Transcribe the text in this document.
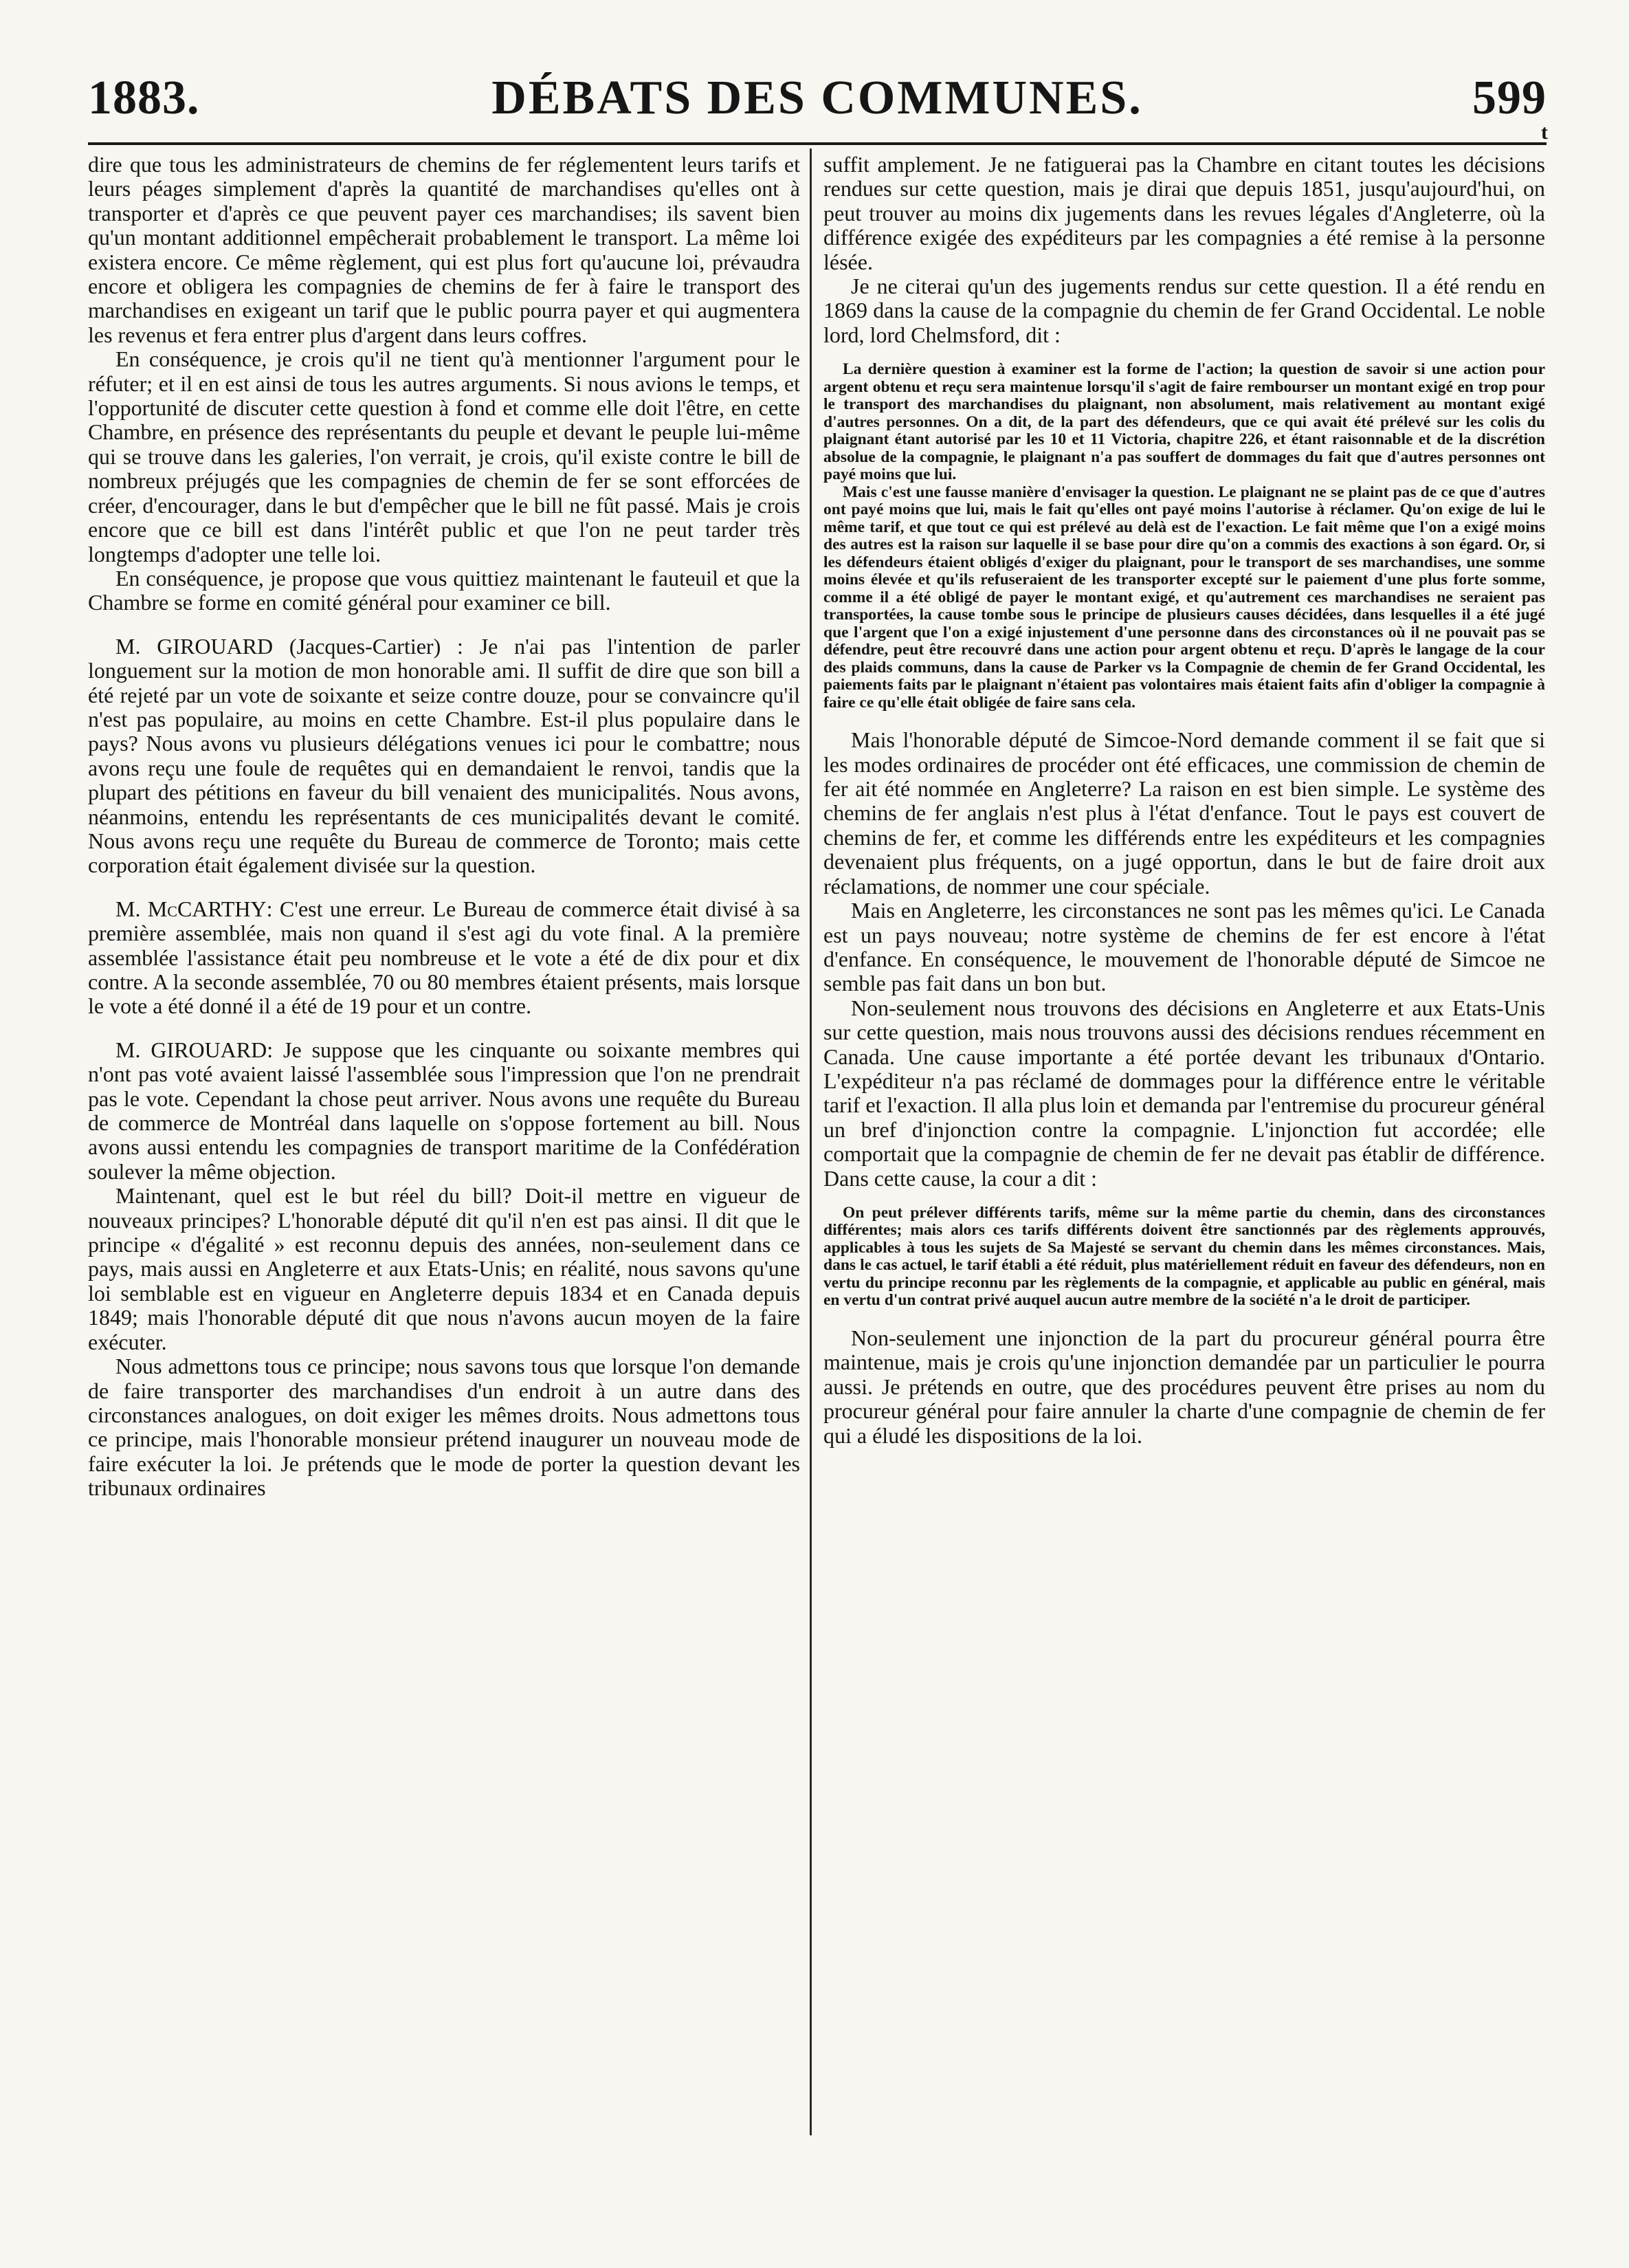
1883.	DÉBATS DES COMMUNES.	599
t

dire que tous les administrateurs de chemins de fer réglementent leurs tarifs et leurs péages simplement d'après la quantité de marchandises qu'elles ont à transporter et d'après ce que peuvent payer ces marchandises; ils savent bien qu'un montant additionnel empêcherait probablement le transport. La même loi existera encore. Ce même règlement, qui est plus fort qu'aucune loi, prévaudra encore et obligera les compagnies de chemins de fer à faire le transport des marchandises en exigeant un tarif que le public pourra payer et qui augmentera les revenus et fera entrer plus d'argent dans leurs coffres.

En conséquence, je crois qu'il ne tient qu'à mentionner l'argument pour le réfuter; et il en est ainsi de tous les autres arguments. Si nous avions le temps, et l'opportunité de discuter cette question à fond et comme elle doit l'être, en cette Chambre, en présence des représentants du peuple et devant le peuple lui-même qui se trouve dans les galeries, l'on verrait, je crois, qu'il existe contre le bill de nombreux préjugés que les compagnies de chemin de fer se sont efforcées de créer, d'encourager, dans le but d'empêcher que le bill ne fût passé. Mais je crois encore que ce bill est dans l'intérêt public et que l'on ne peut tarder très longtemps d'adopter une telle loi.

En conséquence, je propose que vous quittiez maintenant le fauteuil et que la Chambre se forme en comité général pour examiner ce bill.

M. GIROUARD (Jacques-Cartier) : Je n'ai pas l'intention de parler longuement sur la motion de mon honorable ami. Il suffit de dire que son bill a été rejeté par un vote de soixante et seize contre douze, pour se convaincre qu'il n'est pas populaire, au moins en cette Chambre. Est-il plus populaire dans le pays? Nous avons vu plusieurs délégations venues ici pour le combattre; nous avons reçu une foule de requêtes qui en demandaient le renvoi, tandis que la plupart des pétitions en faveur du bill venaient des municipalités. Nous avons, néanmoins, entendu les représentants de ces municipalités devant le comité. Nous avons reçu une requête du Bureau de commerce de Toronto; mais cette corporation était également divisée sur la question.

M. McCARTHY: C'est une erreur. Le Bureau de commerce était divisé à sa première assemblée, mais non quand il s'est agi du vote final. A la première assemblée l'assistance était peu nombreuse et le vote a été de dix pour et dix contre. A la seconde assemblée, 70 ou 80 membres étaient présents, mais lorsque le vote a été donné il a été de 19 pour et un contre.

M. GIROUARD: Je suppose que les cinquante ou soixante membres qui n'ont pas voté avaient laissé l'assemblée sous l'impression que l'on ne prendrait pas le vote. Cependant la chose peut arriver. Nous avons une requête du Bureau de commerce de Montréal dans laquelle on s'oppose fortement au bill. Nous avons aussi entendu les compagnies de transport maritime de la Confédération soulever la même objection.

Maintenant, quel est le but réel du bill? Doit-il mettre en vigueur de nouveaux principes? L'honorable député dit qu'il n'en est pas ainsi. Il dit que le principe « d'égalité » est reconnu depuis des années, non-seulement dans ce pays, mais aussi en Angleterre et aux Etats-Unis; en réalité, nous savons qu'une loi semblable est en vigueur en Angleterre depuis 1834 et en Canada depuis 1849; mais l'honorable député dit que nous n'avons aucun moyen de la faire exécuter.

Nous admettons tous ce principe; nous savons tous que lorsque l'on demande de faire transporter des marchandises d'un endroit à un autre dans des circonstances analogues, on doit exiger les mêmes droits. Nous admettons tous ce principe, mais l'honorable monsieur prétend inaugurer un nouveau mode de faire exécuter la loi. Je prétends que le mode de porter la question devant les tribunaux ordinaires

suffit amplement. Je ne fatiguerai pas la Chambre en citant toutes les décisions rendues sur cette question, mais je dirai que depuis 1851, jusqu'aujourd'hui, on peut trouver au moins dix jugements dans les revues légales d'Angleterre, où la différence exigée des expéditeurs par les compagnies a été remise à la personne lésée.

Je ne citerai qu'un des jugements rendus sur cette question. Il a été rendu en 1869 dans la cause de la compagnie du chemin de fer Grand Occidental. Le noble lord, lord Chelmsford, dit :

La dernière question à examiner est la forme de l'action; la question de savoir si une action pour argent obtenu et reçu sera maintenue lorsqu'il s'agit de faire rembourser un montant exigé en trop pour le transport des marchandises du plaignant, non absolument, mais relativement au montant exigé d'autres personnes. On a dit, de la part des défendeurs, que ce qui avait été prélevé sur les colis du plaignant étant autorisé par les 10 et 11 Victoria, chapitre 226, et étant raisonnable et de la discrétion absolue de la compagnie, le plaignant n'a pas souffert de dommages du fait que d'autres personnes ont payé moins que lui.

Mais c'est une fausse manière d'envisager la question. Le plaignant ne se plaint pas de ce que d'autres ont payé moins que lui, mais le fait qu'elles ont payé moins l'autorise à réclamer. Qu'on exige de lui le même tarif, et que tout ce qui est prélevé au delà est de l'exaction. Le fait même que l'on a exigé moins des autres est la raison sur laquelle il se base pour dire qu'on a commis des exactions à son égard. Or, si les défendeurs étaient obligés d'exiger du plaignant, pour le transport de ses marchandises, une somme moins élevée et qu'ils refuseraient de les transporter excepté sur le paiement d'une plus forte somme, comme il a été obligé de payer le montant exigé, et qu'autrement ces marchandises ne seraient pas transportées, la cause tombe sous le principe de plusieurs causes décidées, dans lesquelles il a été jugé que l'argent que l'on a exigé injustement d'une personne dans des circonstances où il ne pouvait pas se défendre, peut être recouvré dans une action pour argent obtenu et reçu. D'après le langage de la cour des plaids communs, dans la cause de Parker vs la Compagnie de chemin de fer Grand Occidental, les paiements faits par le plaignant n'étaient pas volontaires mais étaient faits afin d'obliger la compagnie à faire ce qu'elle était obligée de faire sans cela.

Mais l'honorable député de Simcoe-Nord demande comment il se fait que si les modes ordinaires de procéder ont été efficaces, une commission de chemin de fer ait été nommée en Angleterre? La raison en est bien simple. Le système des chemins de fer anglais n'est plus à l'état d'enfance. Tout le pays est couvert de chemins de fer, et comme les différends entre les expéditeurs et les compagnies devenaient plus fréquents, on a jugé opportun, dans le but de faire droit aux réclamations, de nommer une cour spéciale.

Mais en Angleterre, les circonstances ne sont pas les mêmes qu'ici. Le Canada est un pays nouveau; notre système de chemins de fer est encore à l'état d'enfance. En conséquence, le mouvement de l'honorable député de Simcoe ne semble pas fait dans un bon but.

Non-seulement nous trouvons des décisions en Angleterre et aux Etats-Unis sur cette question, mais nous trouvons aussi des décisions rendues récemment en Canada. Une cause importante a été portée devant les tribunaux d'Ontario. L'expéditeur n'a pas réclamé de dommages pour la différence entre le véritable tarif et l'exaction. Il alla plus loin et demanda par l'entremise du procureur général un bref d'injonction contre la compagnie. L'injonction fut accordée; elle comportait que la compagnie de chemin de fer ne devait pas établir de différence. Dans cette cause, la cour a dit :

On peut prélever différents tarifs, même sur la même partie du chemin, dans des circonstances différentes; mais alors ces tarifs différents doivent être sanctionnés par des règlements approuvés, applicables à tous les sujets de Sa Majesté se servant du chemin dans les mêmes circonstances. Mais, dans le cas actuel, le tarif établi a été réduit, plus matériellement réduit en faveur des défendeurs, non en vertu du principe reconnu par les règlements de la compagnie, et applicable au public en général, mais en vertu d'un contrat privé auquel aucun autre membre de la société n'a le droit de participer.

Non-seulement une injonction de la part du procureur général pourra être maintenue, mais je crois qu'une injonction demandée par un particulier le pourra aussi. Je prétends en outre, que des procédures peuvent être prises au nom du procureur général pour faire annuler la charte d'une compagnie de chemin de fer qui a éludé les dispositions de la loi.
